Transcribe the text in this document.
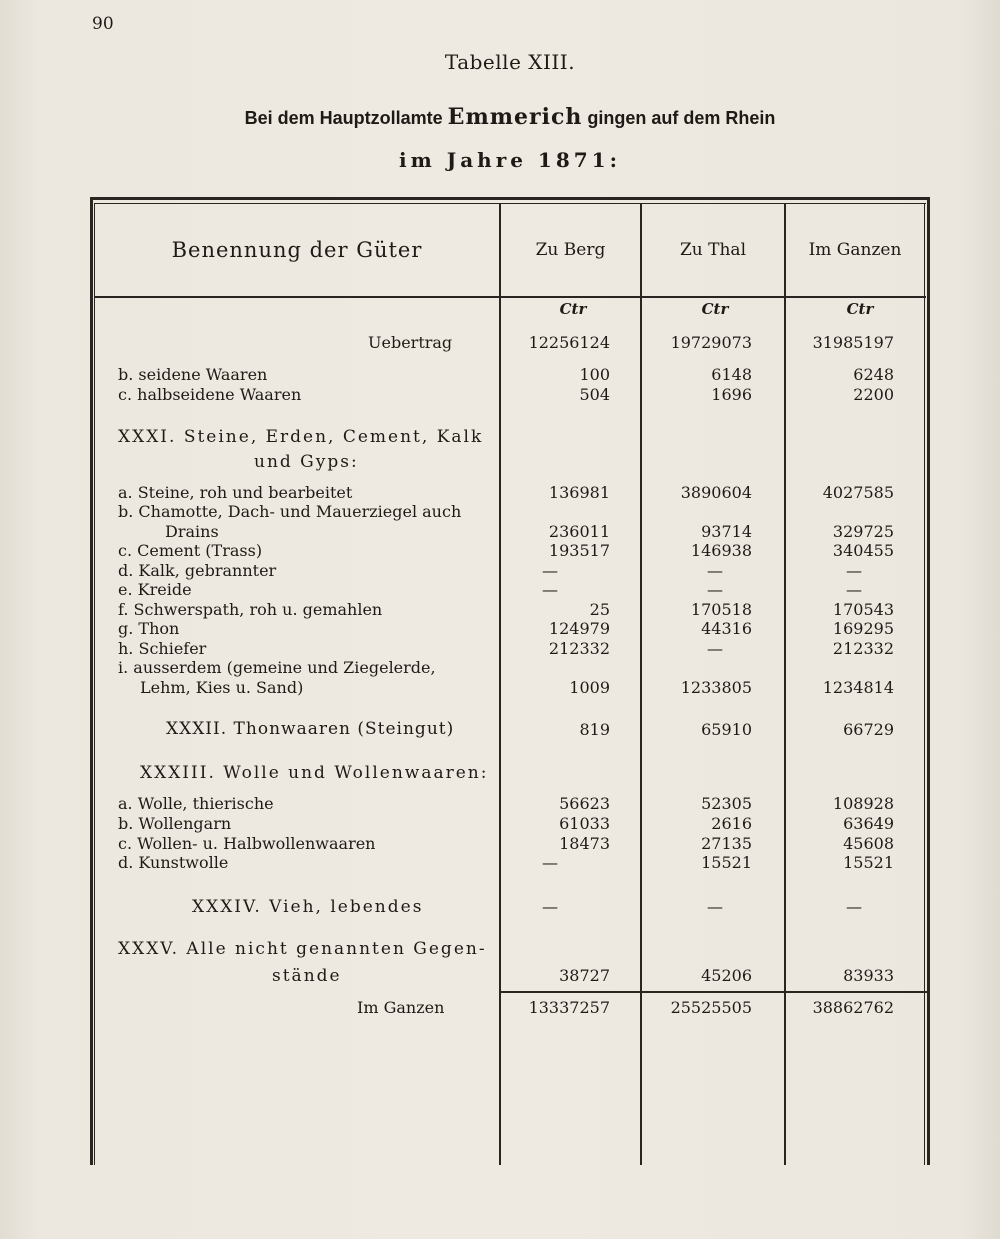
90
Tabelle XIII.
Bei dem Hauptzollamte Emmerich gingen auf dem Rhein
im Jahre 1871:
Benennung der Güter	Zu Berg	Zu Thal	Im Ganzen
Ctr	Ctr	Ctr
Uebertrag	12256124	19729073	31985197
b. seidene Waaren	100	6148	6248
c. halbseidene Waaren	504	1696	2200
XXXI. Steine, Erden, Cement, Kalk
und Gyps:
a. Steine, roh und bearbeitet	136981	3890604	4027585
b. Chamotte, Dach- und Mauerziegel auch
Drains	236011	93714	329725
c. Cement (Trass)	193517	146938	340455
d. Kalk, gebrannter	—	—	—
e. Kreide	—	—	—
f. Schwerspath, roh u. gemahlen	25	170518	170543
g. Thon	124979	44316	169295
h. Schiefer	212332	—	212332
i. ausserdem (gemeine und Ziegelerde,
Lehm, Kies u. Sand)	1009	1233805	1234814
XXXII. Thonwaaren (Steingut)	819	65910	66729
XXXIII. Wolle und Wollenwaaren:
a. Wolle, thierische	56623	52305	108928
b. Wollengarn	61033	2616	63649
c. Wollen- u. Halbwollenwaaren	18473	27135	45608
d. Kunstwolle	—	15521	15521
XXXIV. Vieh, lebendes	—	—	—
XXXV. Alle nicht genannten Gegen-
stände	38727	45206	83933
Im Ganzen	13337257	25525505	38862762
